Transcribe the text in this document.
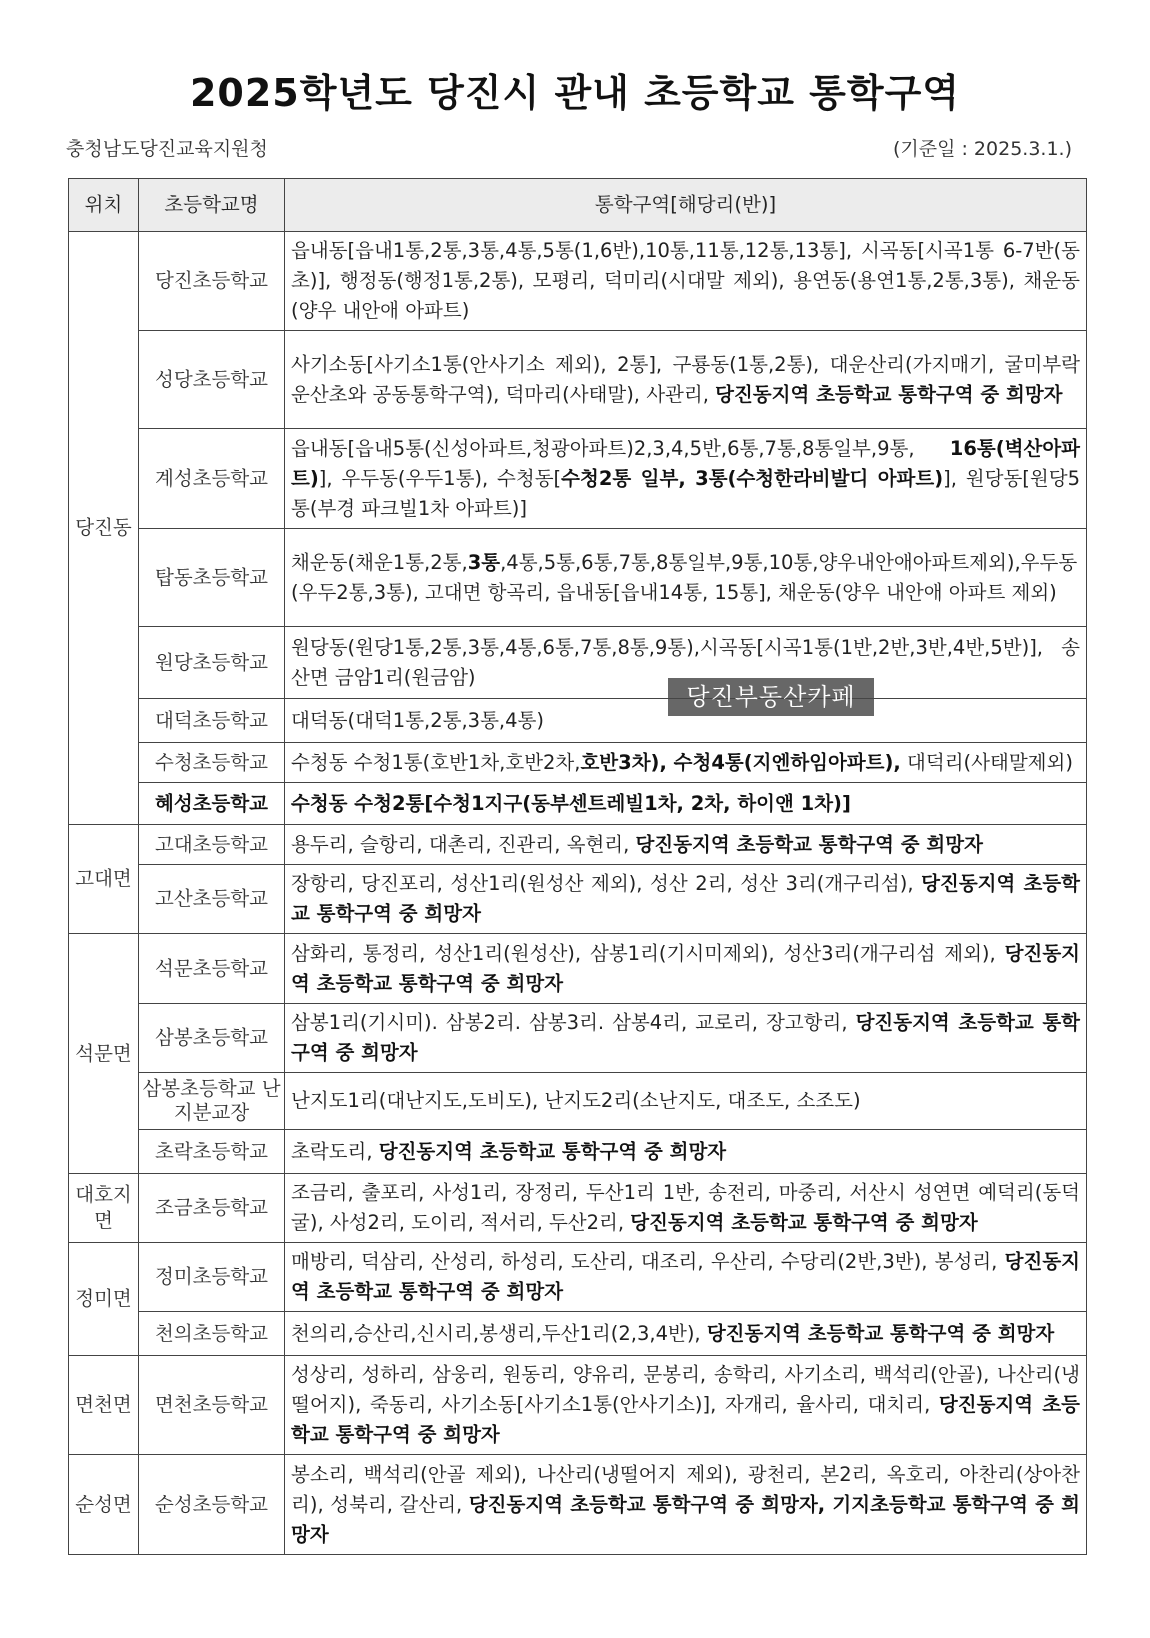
2025학년도 당진시 관내 초등학교 통학구역
충청남도당진교육지원청	(기준일 : 2025.3.1.)
위치	초등학교명	통학구역[해당리(반)]
당진동	당진초등학교	읍내동[읍내1통,2통,3통,4통,5통(1,6반),10통,11통,12통,13통], 시곡동[시곡1통 6-7반(동초)], 행정동(행정1통,2통), 모평리, 덕미리(시대말 제외), 용연동(용연1통,2통,3통), 채운동(양우 내안애 아파트)
	성당초등학교	사기소동[사기소1통(안사기소 제외), 2통], 구룡동(1통,2통), 대운산리(가지매기, 굴미부락 운산초와 공동통학구역), 덕마리(사태말), 사관리, 당진동지역 초등학교 통학구역 중 희망자
	계성초등학교	읍내동[읍내5통(신성아파트,청광아파트)2,3,4,5반,6통,7통,8통일부,9통, 16통(벽산아파트)], 우두동(우두1통), 수청동[수청2통 일부, 3통(수청한라비발디 아파트)], 원당동[원당5통(부경 파크빌1차 아파트)]
	탑동초등학교	채운동(채운1통,2통,3통,4통,5통,6통,7통,8통일부,9통,10통,양우내안애아파트제외),우두동(우두2통,3통), 고대면 항곡리, 읍내동[읍내14통, 15통], 채운동(양우 내안애 아파트 제외)
	원당초등학교	원당동(원당1통,2통,3통,4통,6통,7통,8통,9통),시곡동[시곡1통(1반,2반,3반,4반,5반)], 송산면 금암1리(원금암)
	대덕초등학교	대덕동(대덕1통,2통,3통,4통)
	수청초등학교	수청동 수청1통(호반1차,호반2차,호반3차), 수청4통(지엔하임아파트), 대덕리(사태말제외)
	혜성초등학교	수청동 수청2통[수청1지구(동부센트레빌1차, 2차, 하이앤 1차)]
고대면	고대초등학교	용두리, 슬항리, 대촌리, 진관리, 옥현리, 당진동지역 초등학교 통학구역 중 희망자
	고산초등학교	장항리, 당진포리, 성산1리(원성산 제외), 성산 2리, 성산 3리(개구리섬), 당진동지역 초등학교 통학구역 중 희망자
석문면	석문초등학교	삼화리, 통정리, 성산1리(원성산), 삼봉1리(기시미제외), 성산3리(개구리섬 제외), 당진동지역 초등학교 통학구역 중 희망자
	삼봉초등학교	삼봉1리(기시미). 삼봉2리. 삼봉3리. 삼봉4리, 교로리, 장고항리, 당진동지역 초등학교 통학구역 중 희망자
	삼봉초등학교 난지분교장	난지도1리(대난지도,도비도), 난지도2리(소난지도, 대조도, 소조도)
	초락초등학교	초락도리, 당진동지역 초등학교 통학구역 중 희망자
대호지면	조금초등학교	조금리, 출포리, 사성1리, 장정리, 두산1리 1반, 송전리, 마중리, 서산시 성연면 예덕리(동덕굴), 사성2리, 도이리, 적서리, 두산2리, 당진동지역 초등학교 통학구역 중 희망자
정미면	정미초등학교	매방리, 덕삼리, 산성리, 하성리, 도산리, 대조리, 우산리, 수당리(2반,3반), 봉성리, 당진동지역 초등학교 통학구역 중 희망자
	천의초등학교	천의리,승산리,신시리,봉생리,두산1리(2,3,4반), 당진동지역 초등학교 통학구역 중 희망자
면천면	면천초등학교	성상리, 성하리, 삼웅리, 원동리, 양유리, 문봉리, 송학리, 사기소리, 백석리(안골), 나산리(냉떨어지), 죽동리, 사기소동[사기소1통(안사기소)], 자개리, 율사리, 대치리, 당진동지역 초등학교 통학구역 중 희망자
순성면	순성초등학교	봉소리, 백석리(안골 제외), 나산리(냉떨어지 제외), 광천리, 본2리, 옥호리, 아찬리(상아찬리), 성북리, 갈산리, 당진동지역 초등학교 통학구역 중 희망자, 기지초등학교 통학구역 중 희망자
당진부동산카페
